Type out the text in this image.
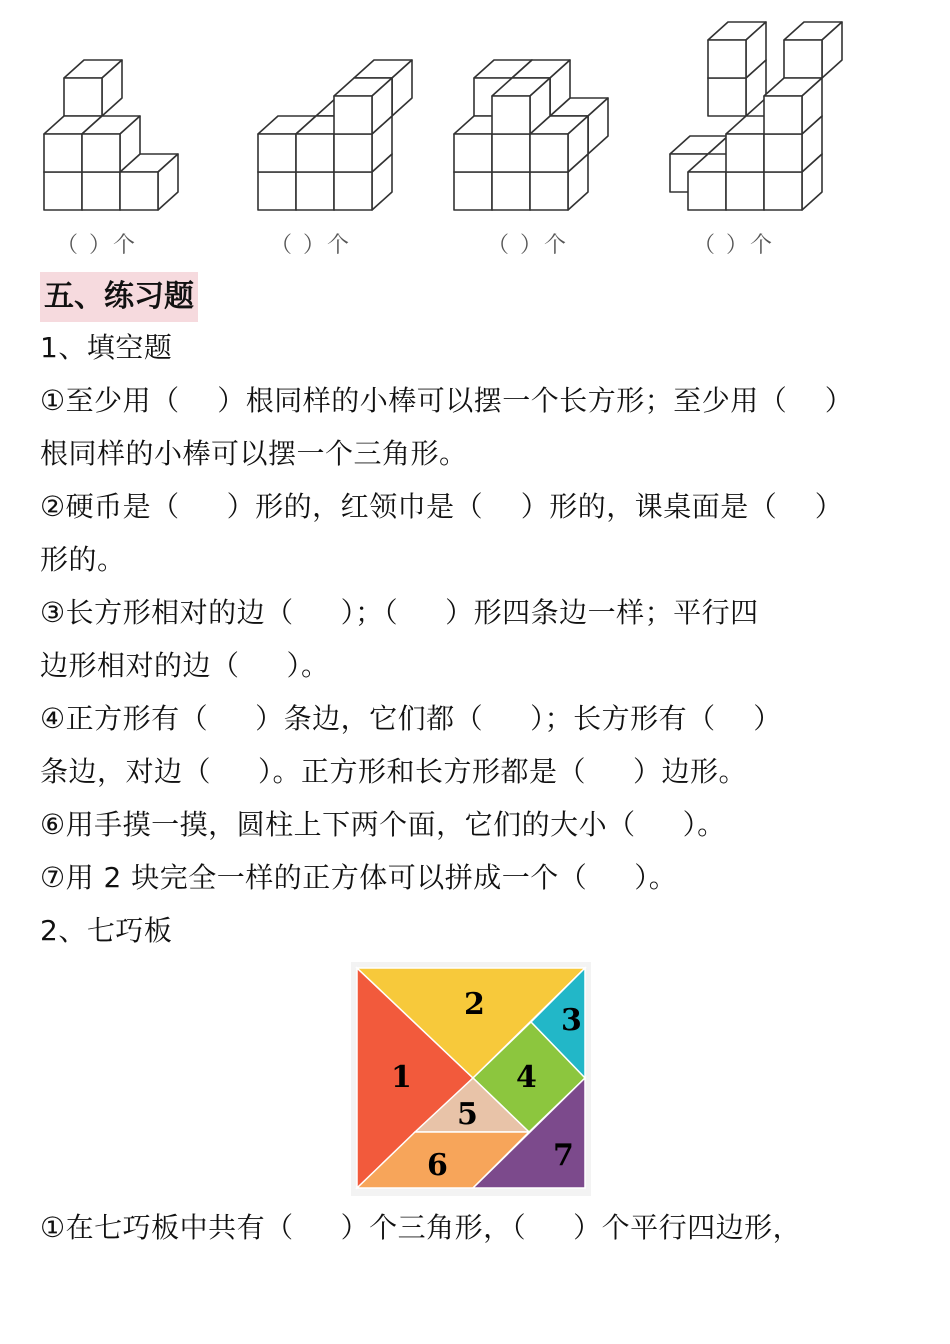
（ ）个	（ ）个	（ ）个	（ ）个
五、练习题
1、填空题
①至少用（    ）根同样的小棒可以摆一个长方形；至少用（    ）
根同样的小棒可以摆一个三角形。
②硬币是（     ）形的，红领巾是（    ）形的，课桌面是（    ）
形的。
③长方形相对的边（     ）；（     ）形四条边一样；平行四
边形相对的边（     ）。
④正方形有（     ）条边，它们都（     ）；长方形有（    ）
条边，对边（     ）。正方形和长方形都是（     ）边形。
⑥用手摸一摸，圆柱上下两个面，它们的大小（     ）。
⑦用 2 块完全一样的正方体可以拼成一个（     ）。
2、七巧板
1
2	3
4
5
6	7
①在七巧板中共有（     ）个三角形，（     ）个平行四边形，
